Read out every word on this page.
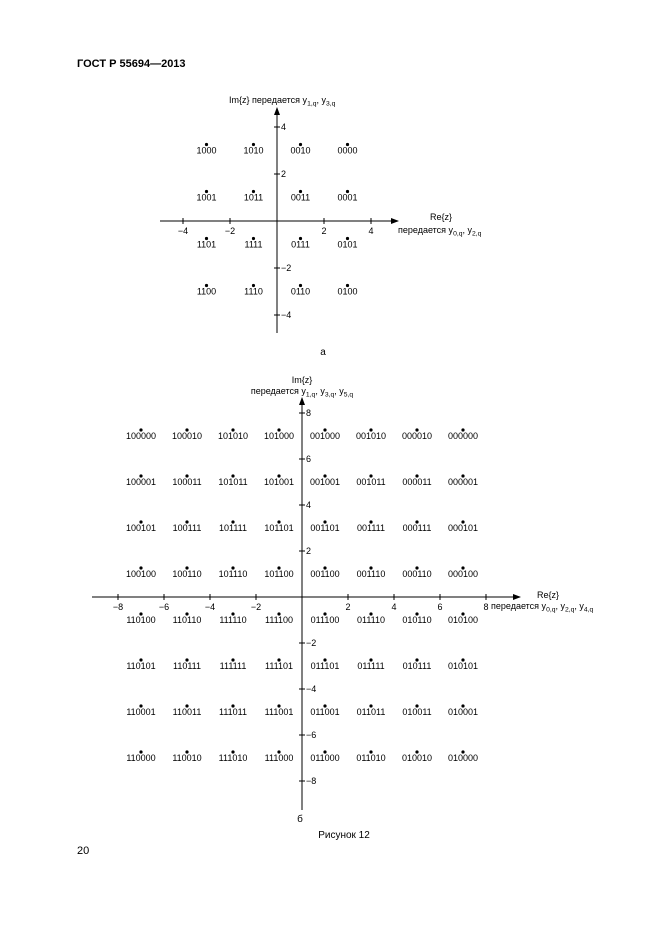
ГОСТ Р 55694—2013
−4	−2	2	4
4
2
−2
−4
1000	1010	0010	0000
1001	1011	0011	0001
1101	1111	0111	0101
1100	1110	0110	0100
Im{z} передается $y_{1,q}$, $y_{3,q}$
Re{z}
передается $y_{0,q}$, $y_{2,q}$
−8	−6	−4	−2	2	4	6	8
8
6
4
2
−2
−4
−6
−8
100000 100010 101010 101000 001000 001010 000010 000000
100001 100011 101011 101001 001001 001011 000011 000001
100101 100111 101111 101101 001101 001111 000111 000101
100100 100110 101110 101100 001100 001110 000110 000100
110100 110110 111110 111100 011100 011110 010110 010100
110101 110111 111111 111101 011101 011111 010111 010101
110001 110011 111011 111001 011001 011011 010011 010001
110000 110010 111010 111000 011000 011010 010010 010000
Im{z}
передается $y_{1,q}$, $y_{3,q}$, $y_{5,q}$
Re{z}
передается $y_{0,q}$, $y_{2,q}$, $y_{4,q}$
а
б
Рисунок 12
20
